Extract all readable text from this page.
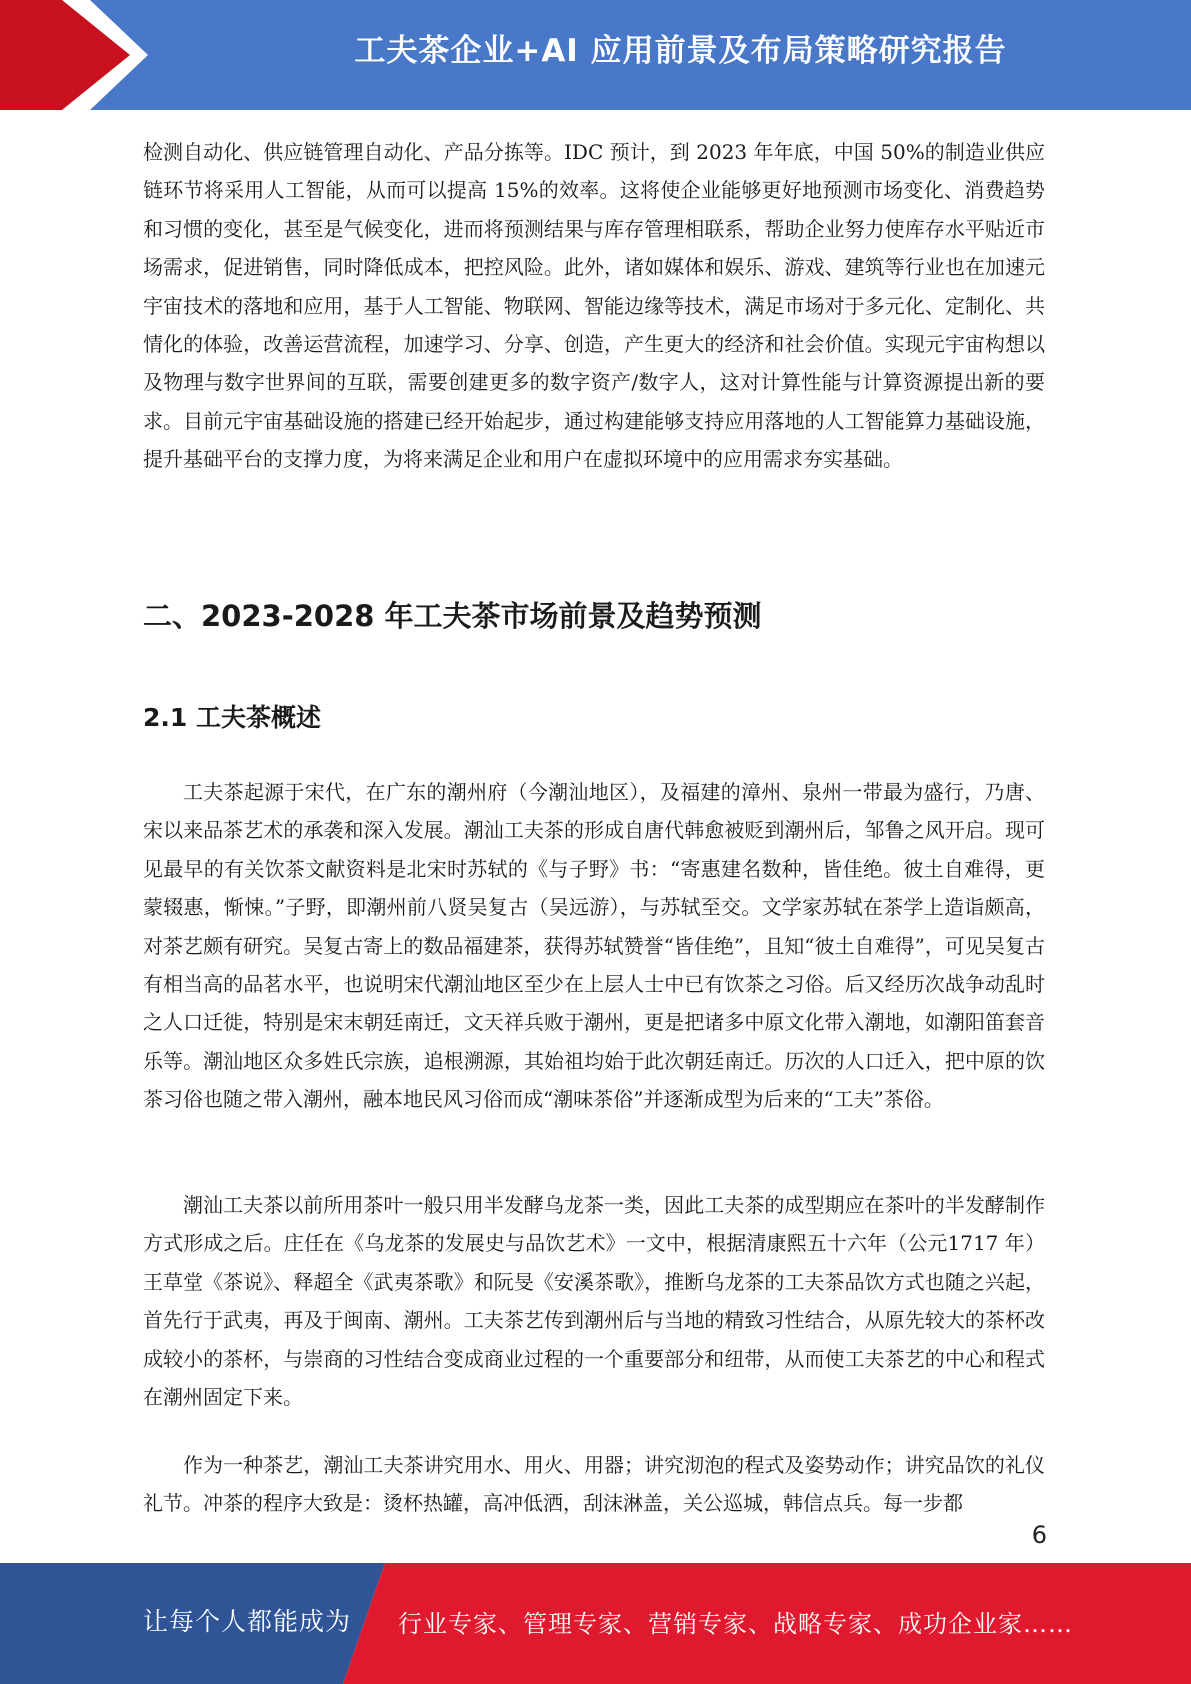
工夫茶企业+AI 应用前景及布局策略研究报告

检测自动化、供应链管理自动化、产品分拣等。IDC 预计，到 2023 年年底，中国 50%的制造业供应链环节将采用人工智能，从而可以提高 15%的效率。这将使企业能够更好地预测市场变化、消费趋势和习惯的变化，甚至是气候变化，进而将预测结果与库存管理相联系，帮助企业努力使库存水平贴近市场需求，促进销售，同时降低成本，把控风险。此外，诸如媒体和娱乐、游戏、建筑等行业也在加速元宇宙技术的落地和应用，基于人工智能、物联网、智能边缘等技术，满足市场对于多元化、定制化、共情化的体验，改善运营流程，加速学习、分享、创造，产生更大的经济和社会价值。实现元宇宙构想以及物理与数字世界间的互联，需要创建更多的数字资产/数字人，这对计算性能与计算资源提出新的要求。目前元宇宙基础设施的搭建已经开始起步，通过构建能够支持应用落地的人工智能算力基础设施，提升基础平台的支撑力度，为将来满足企业和用户在虚拟环境中的应用需求夯实基础。

二、2023-2028 年工夫茶市场前景及趋势预测
2.1 工夫茶概述

工夫茶起源于宋代，在广东的潮州府（今潮汕地区），及福建的漳州、泉州一带最为盛行，乃唐、宋以来品茶艺术的承袭和深入发展。潮汕工夫茶的形成自唐代韩愈被贬到潮州后，邹鲁之风开启。现可见最早的有关饮茶文献资料是北宋时苏轼的《与子野》书：“寄惠建名数种，皆佳绝。彼土自难得，更蒙辍惠，惭悚。”子野，即潮州前八贤吴复古（吴远游），与苏轼至交。文学家苏轼在茶学上造诣颇高，对茶艺颇有研究。吴复古寄上的数品福建茶，获得苏轼赞誉“皆佳绝”，且知“彼土自难得”，可见吴复古有相当高的品茗水平，也说明宋代潮汕地区至少在上层人士中已有饮茶之习俗。后又经历次战争动乱时之人口迁徙，特别是宋末朝廷南迁，文天祥兵败于潮州，更是把诸多中原文化带入潮地，如潮阳笛套音乐等。潮汕地区众多姓氏宗族，追根溯源，其始祖均始于此次朝廷南迁。历次的人口迁入，把中原的饮茶习俗也随之带入潮州，融本地民风习俗而成“潮味茶俗”并逐渐成型为后来的“工夫”茶俗。

潮汕工夫茶以前所用茶叶一般只用半发酵乌龙茶一类，因此工夫茶的成型期应在茶叶的半发酵制作方式形成之后。庄任在《乌龙茶的发展史与品饮艺术》一文中，根据清康熙五十六年（公元1717 年）王草堂《茶说》、释超全《武夷茶歌》和阮旻《安溪茶歌》，推断乌龙茶的工夫茶品饮方式也随之兴起，首先行于武夷，再及于闽南、潮州。工夫茶艺传到潮州后与当地的精致习性结合，从原先较大的茶杯改成较小的茶杯，与崇商的习性结合变成商业过程的一个重要部分和纽带，从而使工夫茶艺的中心和程式在潮州固定下来。

作为一种茶艺，潮汕工夫茶讲究用水、用火、用器；讲究沏泡的程式及姿势动作；讲究品饮的礼仪礼节。冲茶的程序大致是：烫杯热罐，高冲低洒，刮沫淋盖，关公巡城，韩信点兵。每一步都

6
让每个人都能成为 行业专家、管理专家、营销专家、战略专家、成功企业家……
